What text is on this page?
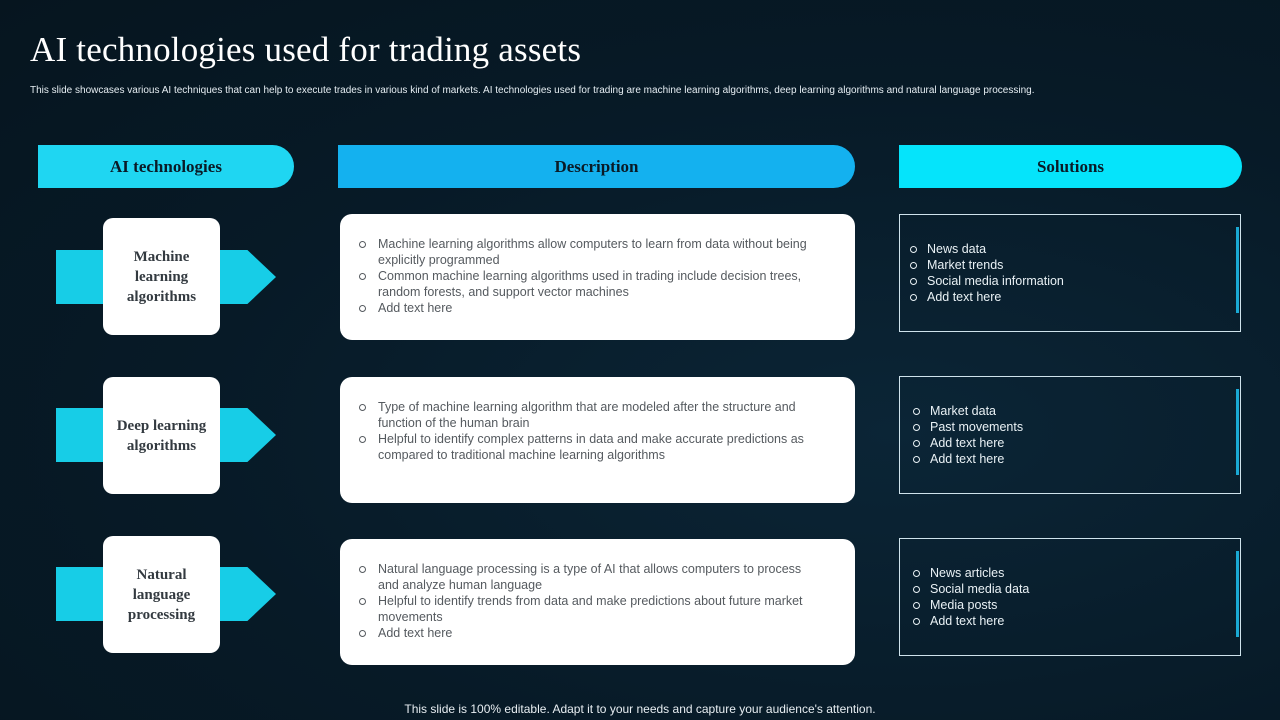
AI technologies used for trading assets
This slide showcases various AI techniques that can help to execute trades in various kind of markets. AI technologies used for trading are machine learning algorithms, deep learning algorithms and natural language processing.
AI technologies	Description	Solutions
Machine learning algorithms
Machine learning algorithms allow computers to learn from data without being explicitly programmed
Common machine learning algorithms used in trading include decision trees, random forests, and support vector machines
Add text here
News data
Market trends
Social media information
Add text here
Deep learning algorithms
Type of machine learning algorithm that are modeled after the structure and function of the human brain
Helpful to identify complex patterns in data and make accurate predictions as compared to traditional machine learning algorithms
Market data
Past movements
Add text here
Add text here
Natural language processing
Natural language processing is a type of AI that allows computers to process and analyze human language
Helpful to identify trends from data and make predictions about future market movements
Add text here
News articles
Social media data
Media posts
Add text here
This slide is 100% editable. Adapt it to your needs and capture your audience's attention.
